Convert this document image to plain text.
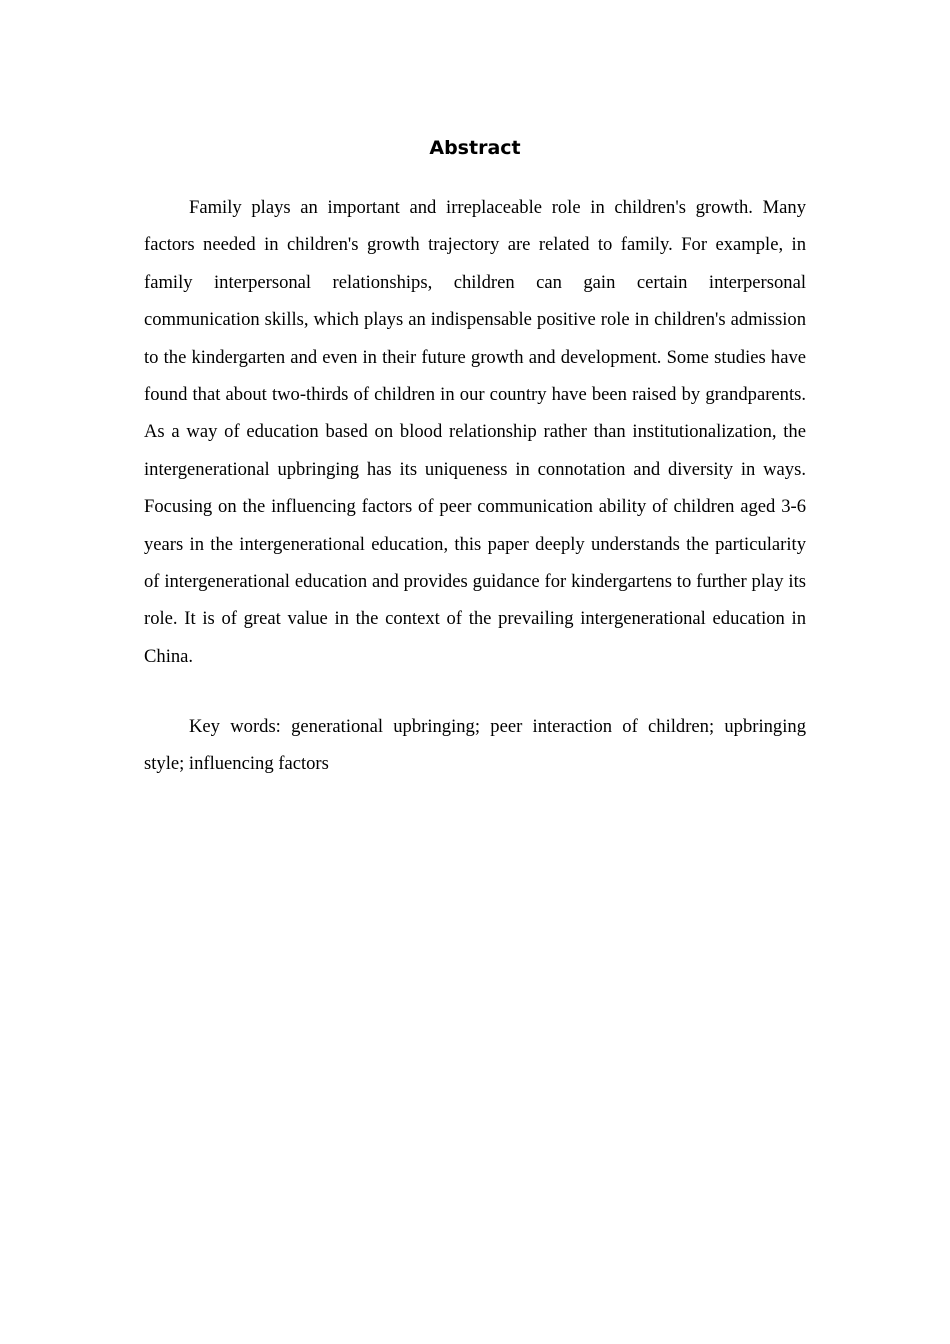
Abstract

Family plays an important and irreplaceable role in children's growth. Many factors needed in children's growth trajectory are related to family. For example, in family interpersonal relationships, children can gain certain interpersonal communication skills, which plays an indispensable positive role in children's admission to the kindergarten and even in their future growth and development. Some studies have found that about two-thirds of children in our country have been raised by grandparents. As a way of education based on blood relationship rather than institutionalization, the intergenerational upbringing has its uniqueness in connotation and diversity in ways. Focusing on the influencing factors of peer communication ability of children aged 3-6 years in the intergenerational education, this paper deeply understands the particularity of intergenerational education and provides guidance for kindergartens to further play its role. It is of great value in the context of the prevailing intergenerational education in China.

Key words: generational upbringing; peer interaction of children; upbringing style; influencing factors
